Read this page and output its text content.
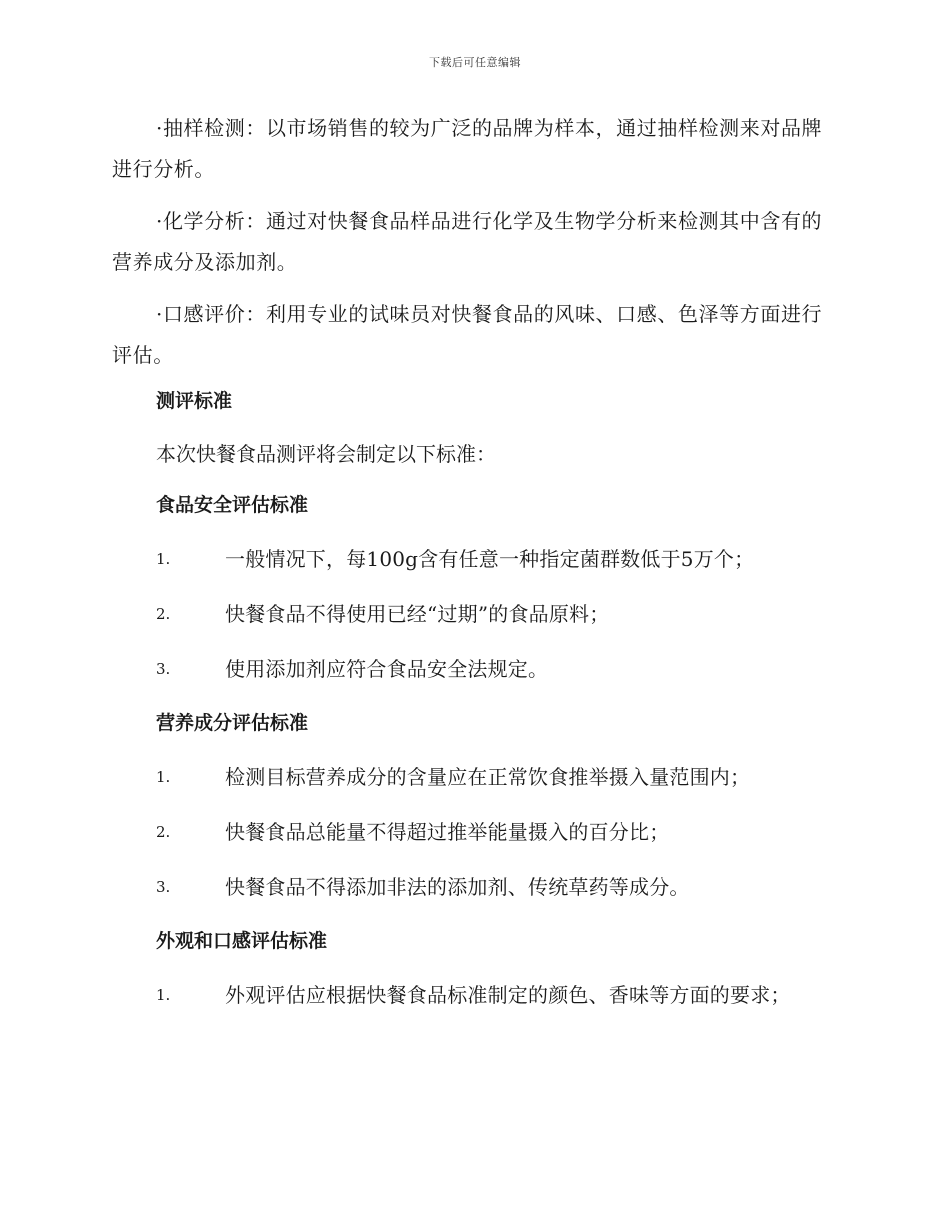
下载后可任意编辑

·抽样检测：以市场销售的较为广泛的品牌为样本，通过抽样检测来对品牌进行分析。

·化学分析：通过对快餐食品样品进行化学及生物学分析来检测其中含有的营养成分及添加剂。

·口感评价：利用专业的试味员对快餐食品的风味、口感、色泽等方面进行评估。

测评标准
本次快餐食品测评将会制定以下标准：
食品安全评估标准
1.	一般情况下，每100g含有任意一种指定菌群数低于5万个；
2.	快餐食品不得使用已经“过期”的食品原料；
3.	使用添加剂应符合食品安全法规定。
营养成分评估标准
1.	检测目标营养成分的含量应在正常饮食推举摄入量范围内；
2.	快餐食品总能量不得超过推举能量摄入的百分比；
3.	快餐食品不得添加非法的添加剂、传统草药等成分。
外观和口感评估标准
1.	外观评估应根据快餐食品标准制定的颜色、香味等方面的要求；
